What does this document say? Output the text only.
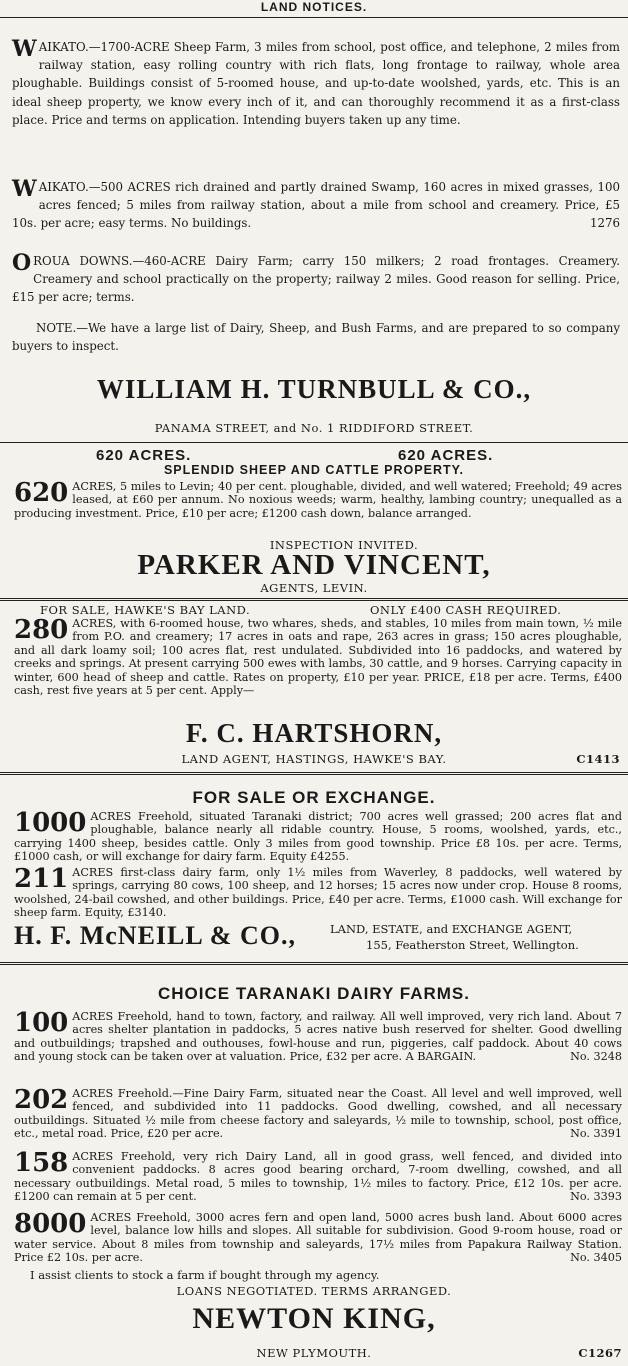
LAND NOTICES.
WAIKATO.—1700-ACRE Sheep Farm, 3 miles from school, post office, and telephone, 2 miles from railway station, easy rolling country with rich flats, long frontage to railway, whole area ploughable. Buildings consist of 5-roomed house, and up-to-date woolshed, yards, etc. This is an ideal sheep property, we know every inch of it, and can thoroughly recommend it as a first-class place. Price and terms on application. Intending buyers taken up any time.
WAIKATO.—500 ACRES rich drained and partly drained Swamp, 160 acres in mixed grasses, 100 acres fenced; 5 miles from railway station, about a mile from school and creamery. Price, £5 10s. per acre; easy terms. No buildings.	1276
OROUA DOWNS.—460-ACRE Dairy Farm; carry 150 milkers; 2 road frontages. Creamery. Creamery and school practically on the property; railway 2 miles. Good reason for selling. Price, £15 per acre; terms.
NOTE.—We have a large list of Dairy, Sheep, and Bush Farms, and are prepared to so company buyers to inspect.
WILLIAM H. TURNBULL & CO.,
PANAMA STREET, and No. 1 RIDDIFORD STREET.
620 ACRES.	620 ACRES.
SPLENDID SHEEP AND CATTLE PROPERTY.
620 ACRES, 5 miles to Levin; 40 per cent. ploughable, divided, and well watered; Freehold; 49 acres leased, at £60 per annum. No noxious weeds; warm, healthy, lambing country; unequalled as a producing investment. Price, £10 per acre; £1200 cash down, balance arranged.
INSPECTION INVITED.
PARKER AND VINCENT,
AGENTS, LEVIN.
FOR SALE, HAWKE'S BAY LAND.	ONLY £400 CASH REQUIRED.
280 ACRES, with 6-roomed house, two whares, sheds, and stables, 10 miles from main town, ½ mile from P.O. and creamery; 17 acres in oats and rape, 263 acres in grass; 150 acres ploughable, and all dark loamy soil; 100 acres flat, rest undulated. Subdivided into 16 paddocks, and watered by creeks and springs. At present carrying 500 ewes with lambs, 30 cattle, and 9 horses. Carrying capacity in winter, 600 head of sheep and cattle. Rates on property, £10 per year. PRICE, £18 per acre. Terms, £400 cash, rest five years at 5 per cent. Apply—
F. C. HARTSHORN,
LAND AGENT, HASTINGS, HAWKE'S BAY.	C1413
FOR SALE OR EXCHANGE.
1000 ACRES Freehold, situated Taranaki district; 700 acres well grassed; 200 acres flat and ploughable, balance nearly all ridable country. House, 5 rooms, woolshed, yards, etc., carrying 1400 sheep, besides cattle. Only 3 miles from good township. Price £8 10s. per acre. Terms, £1000 cash, or will exchange for dairy farm. Equity £4255.
211 ACRES first-class dairy farm, only 1½ miles from Waverley, 8 paddocks, well watered by springs, carrying 80 cows, 100 sheep, and 12 horses; 15 acres now under crop. House 8 rooms, woolshed, 24-bail cowshed, and other buildings. Price, £40 per acre. Terms, £1000 cash. Will exchange for sheep farm. Equity, £3140.
H. F. McNEILL & CO.,	LAND, ESTATE, and EXCHANGE AGENT,
155, Featherston Street, Wellington.
CHOICE TARANAKI DAIRY FARMS.
100 ACRES Freehold, hand to town, factory, and railway. All well improved, very rich land. About 7 acres shelter plantation in paddocks, 5 acres native bush reserved for shelter. Good dwelling and outbuildings; trapshed and outhouses, fowl-house and run, piggeries, calf paddock. About 40 cows and young stock can be taken over at valuation. Price, £32 per acre. A BARGAIN.	No. 3248
202 ACRES Freehold.—Fine Dairy Farm, situated near the Coast. All level and well improved, well fenced, and subdivided into 11 paddocks. Good dwelling, cowshed, and all necessary outbuildings. Situated ½ mile from cheese factory and saleyards, ½ mile to township, school, post office, etc., metal road. Price, £20 per acre.	No. 3391
158 ACRES Freehold, very rich Dairy Land, all in good grass, well fenced, and divided into convenient paddocks. 8 acres good bearing orchard, 7-room dwelling, cowshed, and all necessary outbuildings. Metal road, 5 miles to township, 1½ miles to factory. Price, £12 10s. per acre. £1200 can remain at 5 per cent.	No. 3393
8000 ACRES Freehold, 3000 acres fern and open land, 5000 acres bush land. About 6000 acres level, balance low hills and slopes. All suitable for subdivision. Good 9-room house, road or water service. About 8 miles from township and saleyards, 17½ miles from Papakura Railway Station. Price £2 10s. per acre.	No. 3405
I assist clients to stock a farm if bought through my agency.
LOANS NEGOTIATED. TERMS ARRANGED.
NEWTON KING,
NEW PLYMOUTH.	C1267
